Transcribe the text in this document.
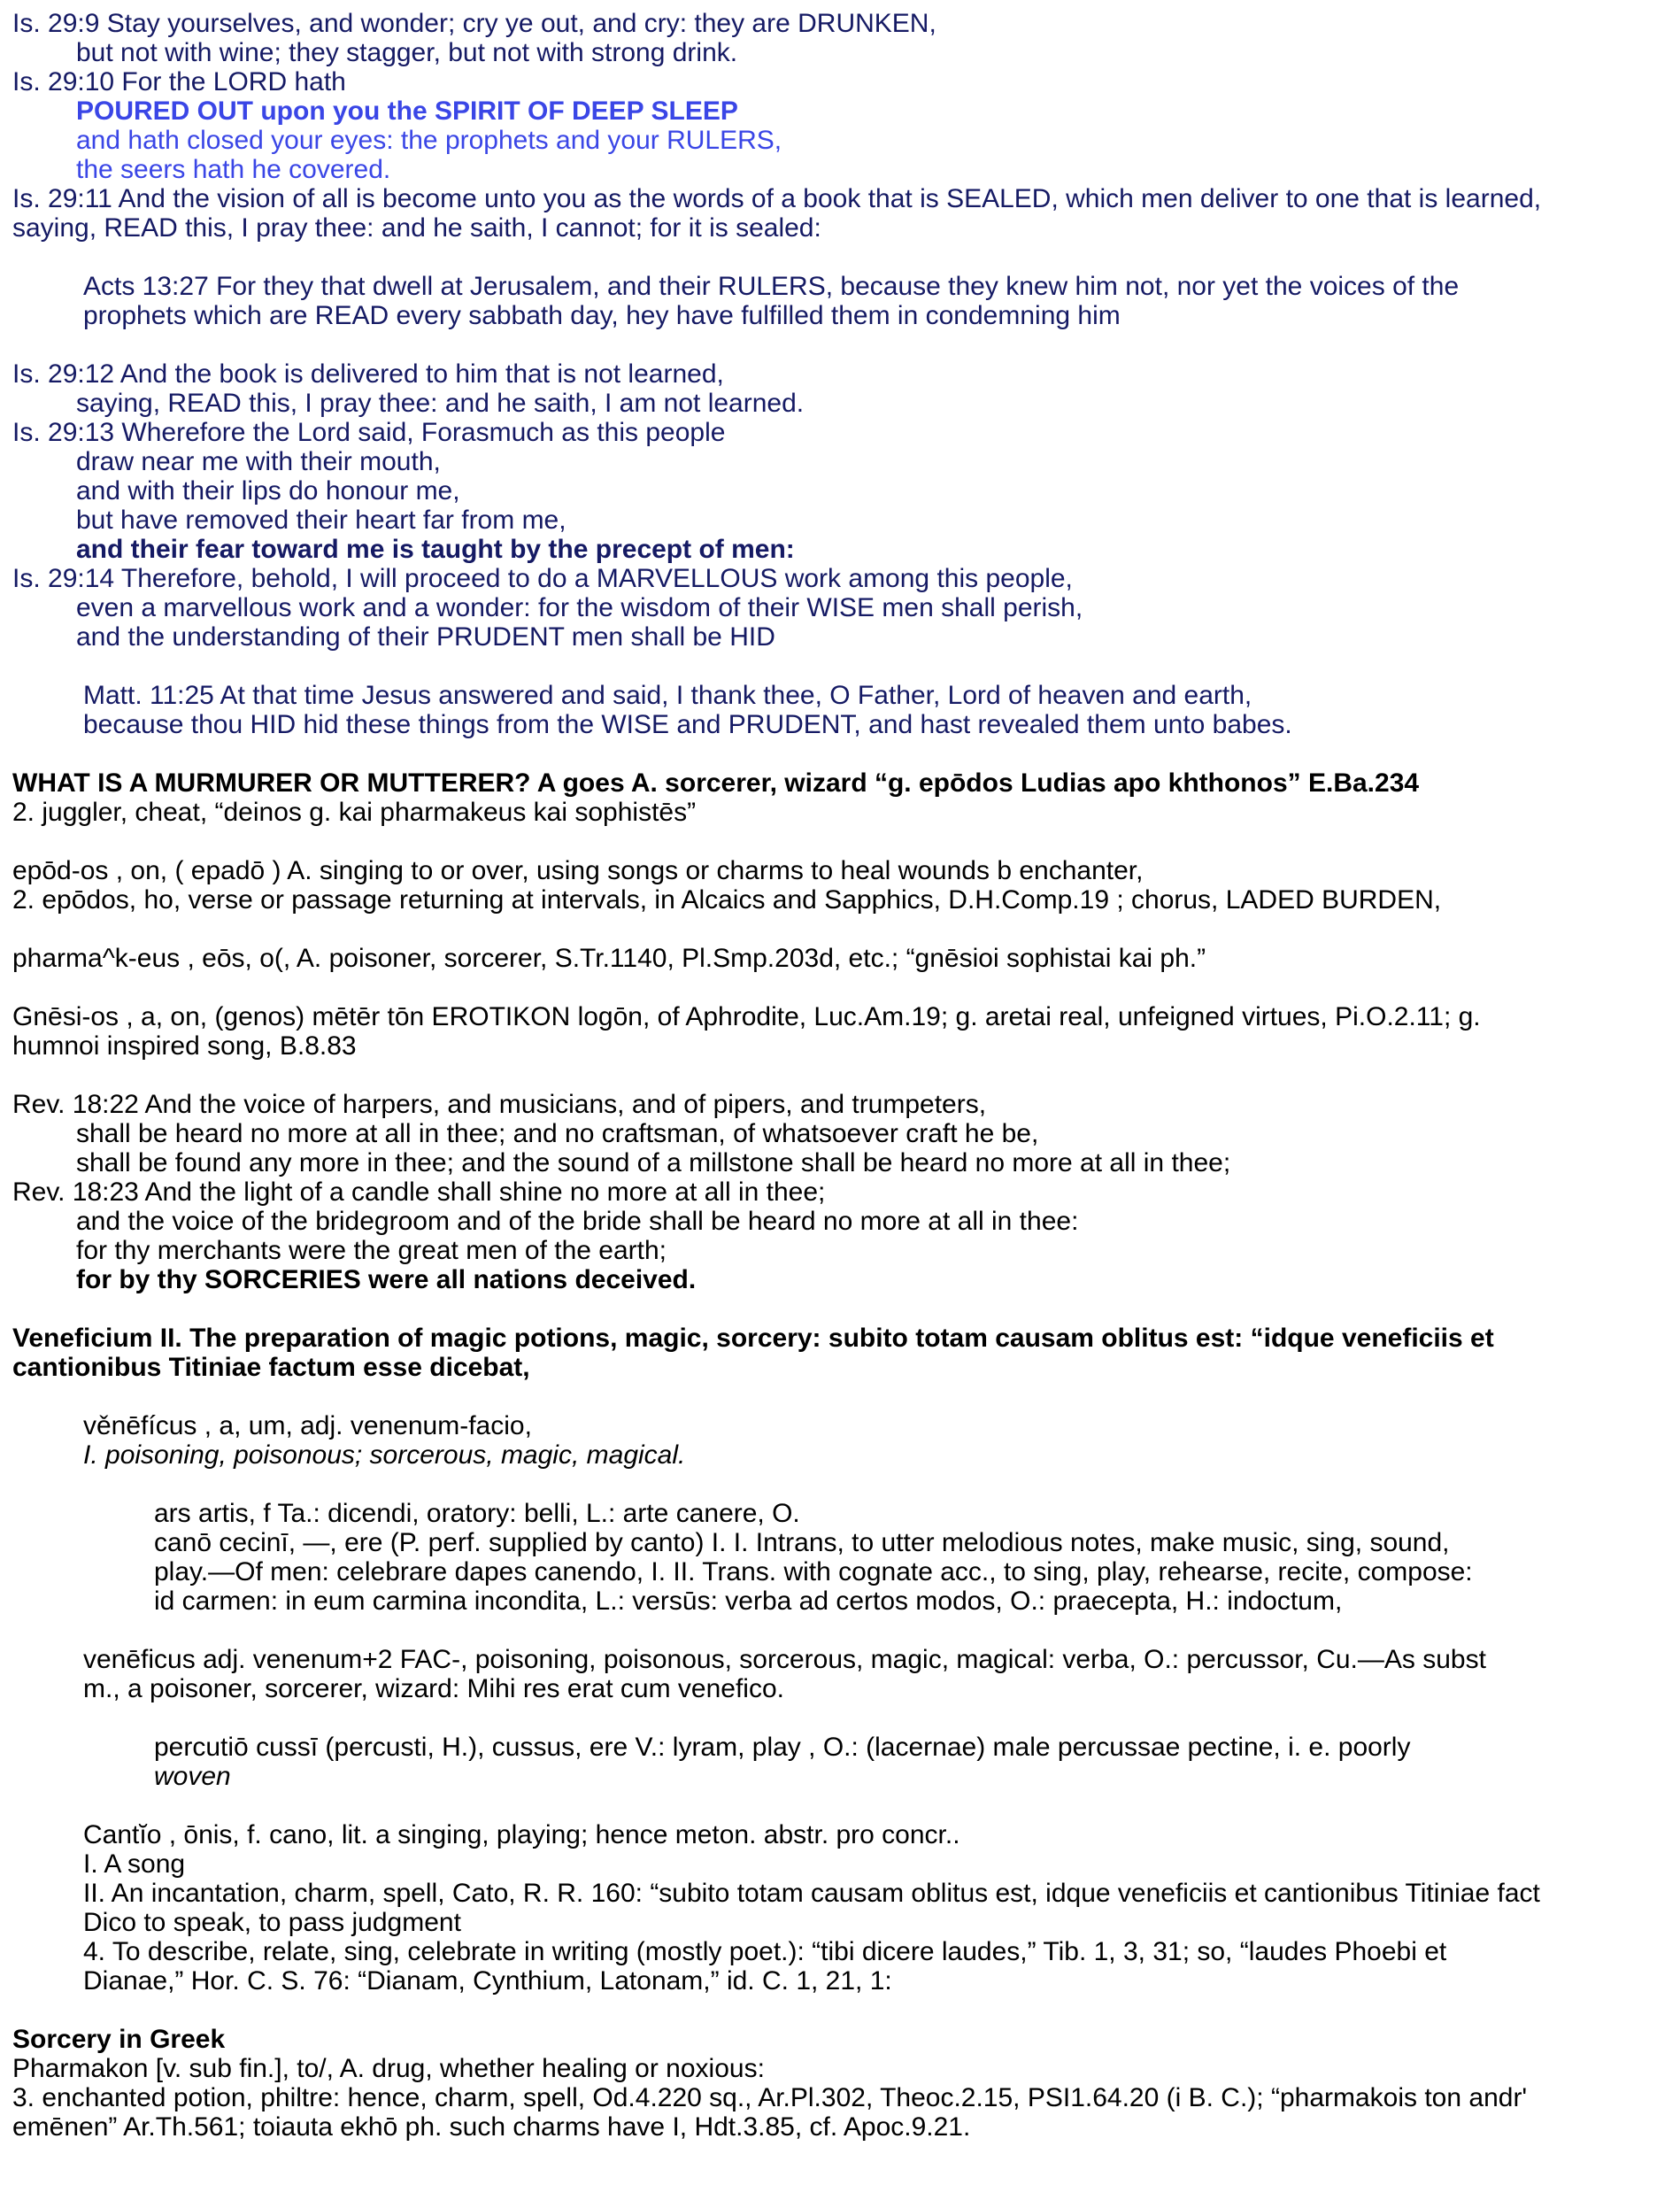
Is. 29:9 Stay yourselves, and wonder; cry ye out, and cry: they are DRUNKEN,
but not with wine; they stagger, but not with strong drink.
Is. 29:10 For the LORD hath
POURED OUT upon you the SPIRIT OF DEEP SLEEP
and hath closed your eyes: the prophets and your RULERS,
the seers hath he covered.
Is. 29:11 And the vision of all is become unto you as the words of a book that is SEALED, which men deliver to one that is learned,
saying, READ this, I pray thee: and he saith, I cannot; for it is sealed:
Acts 13:27 For they that dwell at Jerusalem, and their RULERS, because they knew him not, nor yet the voices of the
prophets which are READ every sabbath day, hey have fulfilled them in condemning him
Is. 29:12 And the book is delivered to him that is not learned,
saying, READ this, I pray thee: and he saith, I am not learned.
Is. 29:13 Wherefore the Lord said, Forasmuch as this people
draw near me with their mouth,
and with their lips do honour me,
but have removed their heart far from me,
and their fear toward me is taught by the precept of men:
Is. 29:14 Therefore, behold, I will proceed to do a MARVELLOUS work among this people,
even a marvellous work and a wonder: for the wisdom of their WISE men shall perish,
and the understanding of their PRUDENT men shall be HID
Matt. 11:25 At that time Jesus answered and said, I thank thee, O Father, Lord of heaven and earth,
because thou HID hid these things from the WISE and PRUDENT, and hast revealed them unto babes.
WHAT IS A MURMURER OR MUTTERER? A goes A. sorcerer, wizard “g. epōdos Ludias apo khthonos” E.Ba.234
2. juggler, cheat, “deinos g. kai pharmakeus kai sophistēs”
epōd-os , on, ( epadō ) A. singing to or over, using songs or charms to heal wounds b enchanter,
2. epōdos, ho, verse or passage returning at intervals, in Alcaics and Sapphics, D.H.Comp.19 ; chorus, LADED BURDEN,
pharma^k-eus , eōs, o(, A. poisoner, sorcerer, S.Tr.1140, Pl.Smp.203d, etc.; “gnēsioi sophistai kai ph.”
Gnēsi-os , a, on, (genos) mētēr tōn EROTIKON logōn, of Aphrodite, Luc.Am.19; g. aretai real, unfeigned virtues, Pi.O.2.11; g.
humnoi inspired song, B.8.83
Rev. 18:22 And the voice of harpers, and musicians, and of pipers, and trumpeters,
shall be heard no more at all in thee; and no craftsman, of whatsoever craft he be,
shall be found any more in thee; and the sound of a millstone shall be heard no more at all in thee;
Rev. 18:23 And the light of a candle shall shine no more at all in thee;
and the voice of the bridegroom and of the bride shall be heard no more at all in thee:
for thy merchants were the great men of the earth;
for by thy SORCERIES were all nations deceived.
Veneficium II. The preparation of magic potions, magic, sorcery: subito totam causam oblitus est: “idque veneficiis et
cantionibus Titiniae factum esse dicebat,
věnēfícus , a, um, adj. venenum-facio,
I. poisoning, poisonous; sorcerous, magic, magical.
ars artis, f Ta.: dicendi, oratory: belli, L.: arte canere, O.
canō cecinī, —, ere (P. perf. supplied by canto) I. I. Intrans, to utter melodious notes, make music, sing, sound,
play.—Of men: celebrare dapes canendo, I. II. Trans. with cognate acc., to sing, play, rehearse, recite, compose:
id carmen: in eum carmina incondita, L.: versūs: verba ad certos modos, O.: praecepta, H.: indoctum,
venēficus adj. venenum+2 FAC-, poisoning, poisonous, sorcerous, magic, magical: verba, O.: percussor, Cu.—As subst
m., a poisoner, sorcerer, wizard: Mihi res erat cum venefico.
percutiō cussī (percusti, H.), cussus, ere V.: lyram, play , O.: (lacernae) male percussae pectine, i. e. poorly
woven
Cantĭo , ōnis, f. cano, lit. a singing, playing; hence meton. abstr. pro concr..
I. A song
II. An incantation, charm, spell, Cato, R. R. 160: “subito totam causam oblitus est, idque veneficiis et cantionibus Titiniae fact
Dico to speak, to pass judgment
4. To describe, relate, sing, celebrate in writing (mostly poet.): “tibi dicere laudes,” Tib. 1, 3, 31; so, “laudes Phoebi et
Dianae,” Hor. C. S. 76: “Dianam, Cynthium, Latonam,” id. C. 1, 21, 1:
Sorcery in Greek
Pharmakon [v. sub fin.], to/, A. drug, whether healing or noxious:
3. enchanted potion, philtre: hence, charm, spell, Od.4.220 sq., Ar.Pl.302, Theoc.2.15, PSI1.64.20 (i B. C.); “pharmakois ton andr'
emēnen” Ar.Th.561; toiauta ekhō ph. such charms have I, Hdt.3.85, cf. Apoc.9.21.
